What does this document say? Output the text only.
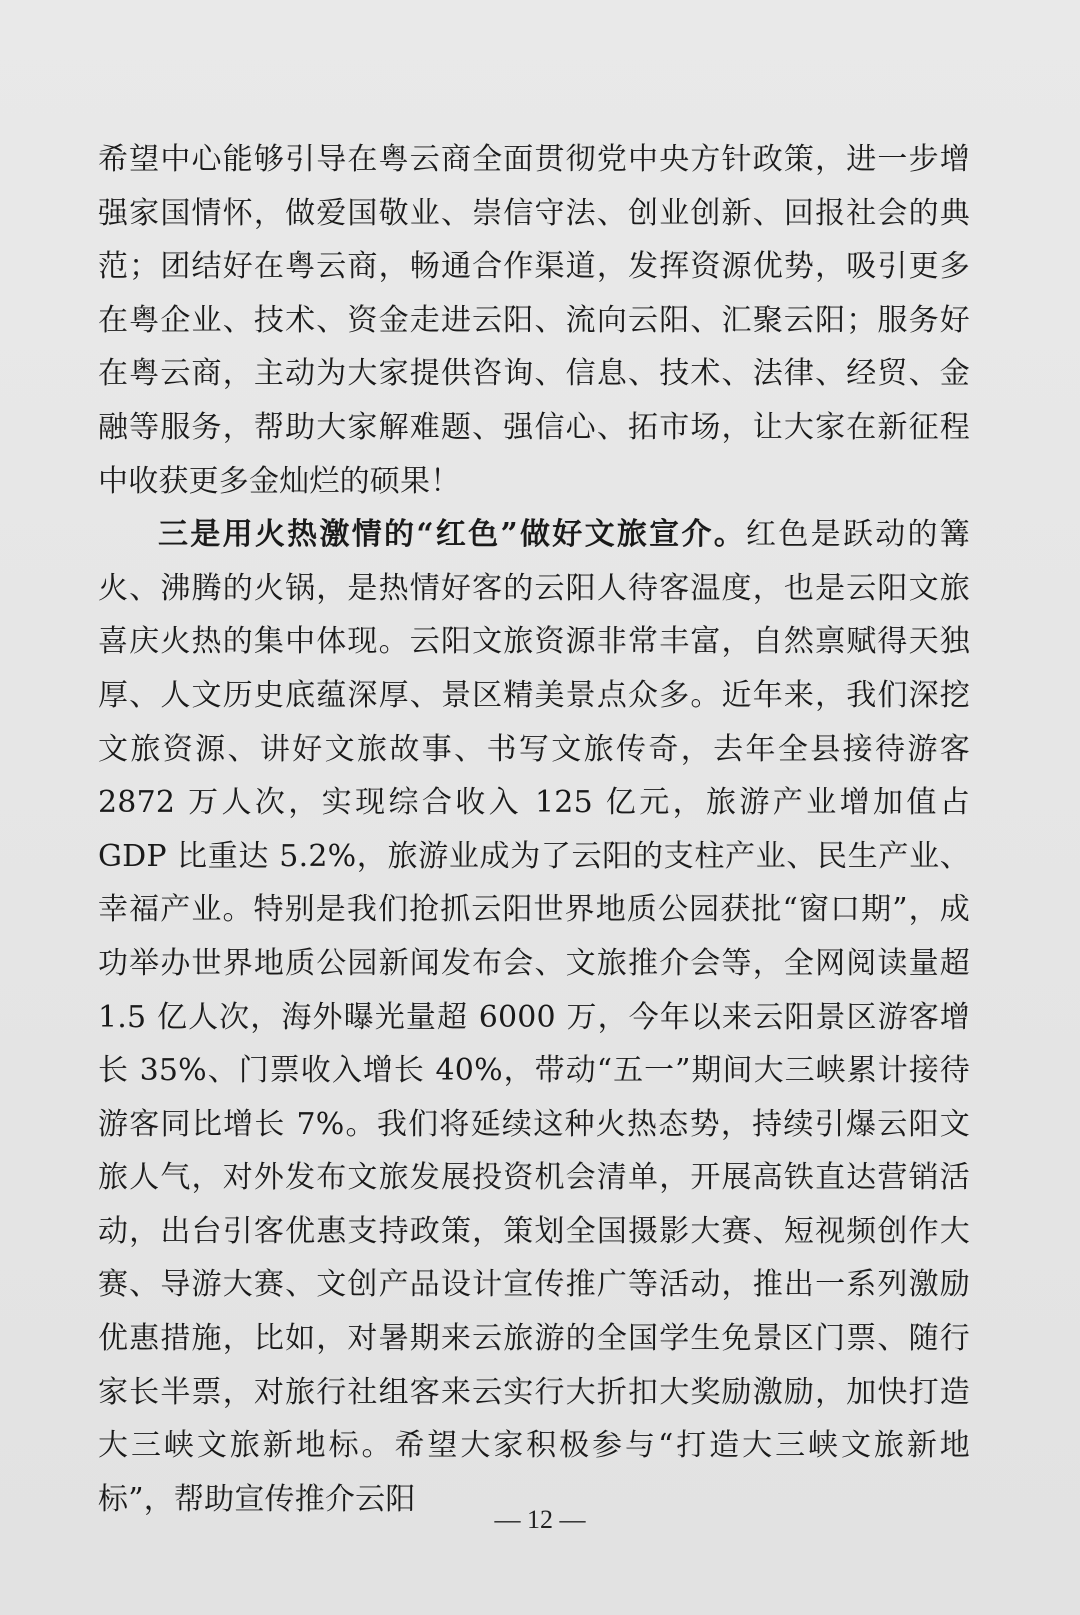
希望中心能够引导在粤云商全面贯彻党中央方针政策，进一步增强家国情怀，做爱国敬业、崇信守法、创业创新、回报社会的典范；团结好在粤云商，畅通合作渠道，发挥资源优势，吸引更多在粤企业、技术、资金走进云阳、流向云阳、汇聚云阳；服务好在粤云商，主动为大家提供咨询、信息、技术、法律、经贸、金融等服务，帮助大家解难题、强信心、拓市场，让大家在新征程中收获更多金灿烂的硕果！

三是用火热激情的“红色”做好文旅宣介。红色是跃动的篝火、沸腾的火锅，是热情好客的云阳人待客温度，也是云阳文旅喜庆火热的集中体现。云阳文旅资源非常丰富，自然禀赋得天独厚、人文历史底蕴深厚、景区精美景点众多。近年来，我们深挖文旅资源、讲好文旅故事、书写文旅传奇，去年全县接待游客 2872 万人次，实现综合收入 125 亿元，旅游产业增加值占 GDP 比重达 5.2%，旅游业成为了云阳的支柱产业、民生产业、幸福产业。特别是我们抢抓云阳世界地质公园获批“窗口期”，成功举办世界地质公园新闻发布会、文旅推介会等，全网阅读量超 1.5 亿人次，海外曝光量超 6000 万，今年以来云阳景区游客增长 35%、门票收入增长 40%，带动“五一”期间大三峡累计接待游客同比增长 7%。我们将延续这种火热态势，持续引爆云阳文旅人气，对外发布文旅发展投资机会清单，开展高铁直达营销活动，出台引客优惠支持政策，策划全国摄影大赛、短视频创作大赛、导游大赛、文创产品设计宣传推广等活动，推出一系列激励优惠措施，比如，对暑期来云旅游的全国学生免景区门票、随行家长半票，对旅行社组客来云实行大折扣大奖励激励，加快打造大三峡文旅新地标。希望大家积极参与“打造大三峡文旅新地标”，帮助宣传推介云阳

— 12 —
